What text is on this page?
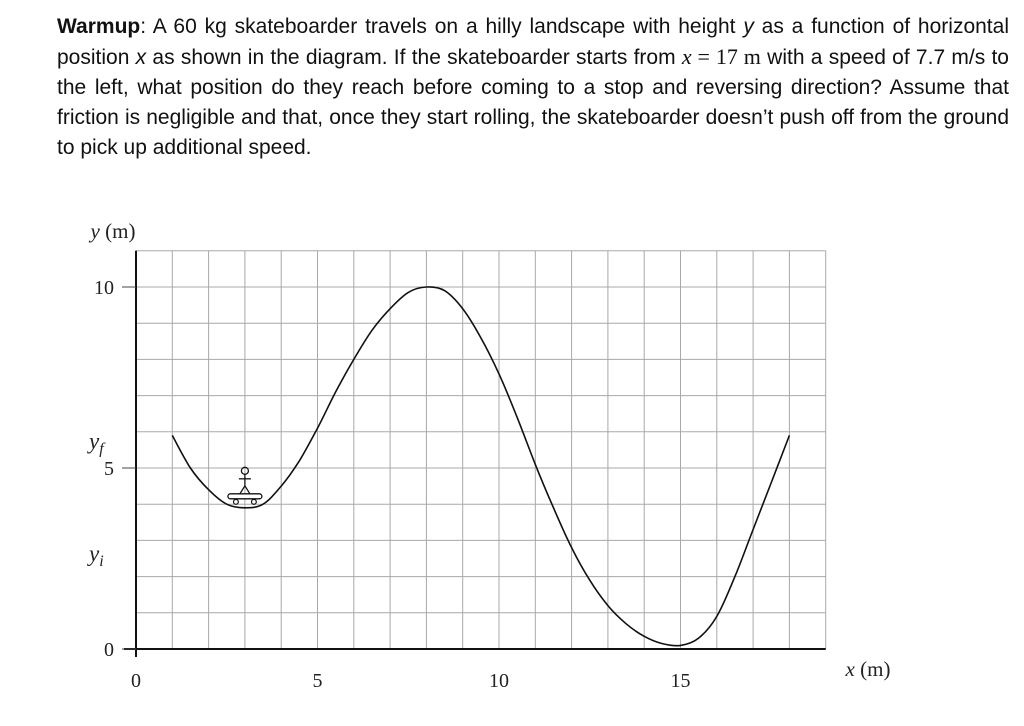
Warmup: A 60 kg skateboarder travels on a hilly landscape with height y as a function of horizontal position x as shown in the diagram. If the skateboarder starts from x = 17 m with a speed of 7.7 m/s to the left, what position do they reach before coming to a stop and reversing direction? Assume that friction is negligible and that, once they start rolling, the skateboarder doesn’t push off from the ground to pick up additional speed.
0	5	10	15
0
5
10
y (m)
x (m)
$y_f$
$y_i$
